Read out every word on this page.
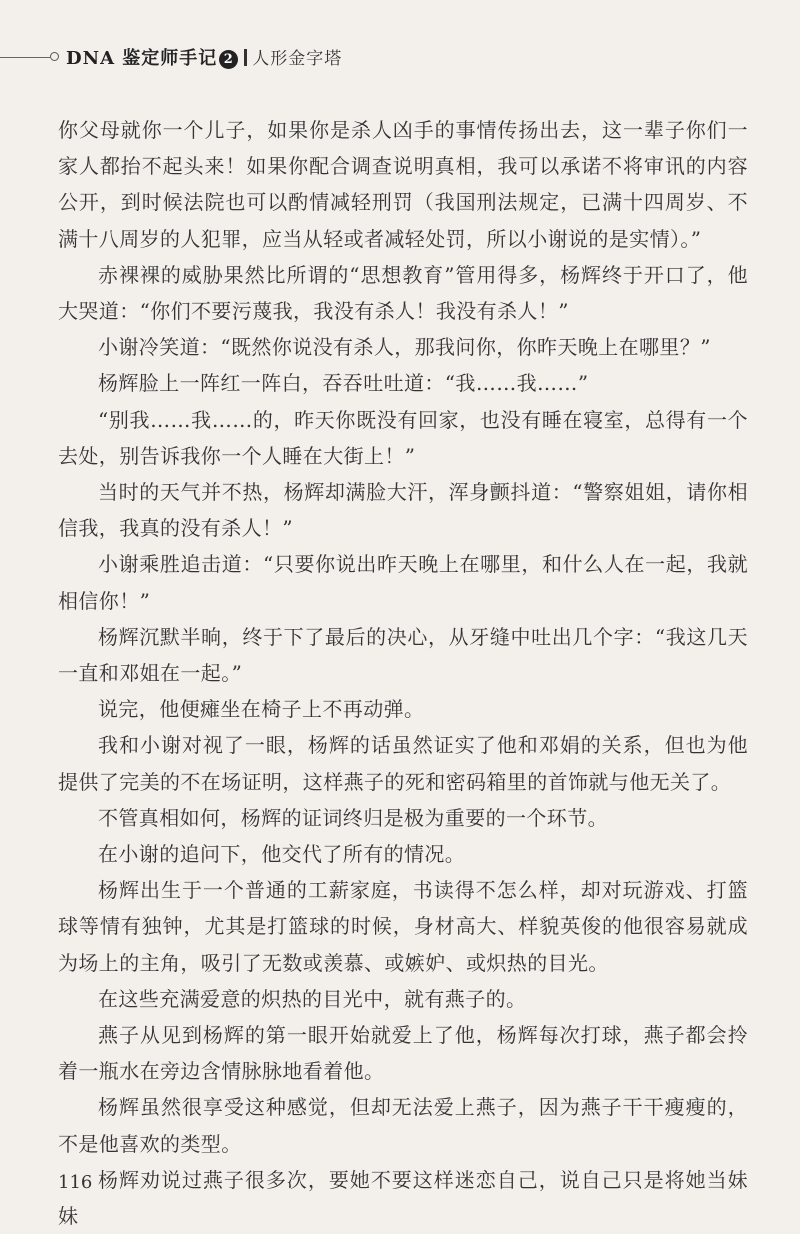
DNA 鉴定师手记 2 人形金字塔

你父母就你一个儿子，如果你是杀人凶手的事情传扬出去，这一辈子你们一家人都抬不起头来！如果你配合调查说明真相，我可以承诺不将审讯的内容公开，到时候法院也可以酌情减轻刑罚（我国刑法规定，已满十四周岁、不满十八周岁的人犯罪，应当从轻或者减轻处罚，所以小谢说的是实情）。”

赤裸裸的威胁果然比所谓的“思想教育”管用得多，杨辉终于开口了，他大哭道：“你们不要污蔑我，我没有杀人！我没有杀人！”

小谢冷笑道：“既然你说没有杀人，那我问你，你昨天晚上在哪里？”

杨辉脸上一阵红一阵白，吞吞吐吐道：“我……我……”

“别我……我……的，昨天你既没有回家，也没有睡在寝室，总得有一个去处，别告诉我你一个人睡在大街上！”

当时的天气并不热，杨辉却满脸大汗，浑身颤抖道：“警察姐姐，请你相信我，我真的没有杀人！”

小谢乘胜追击道：“只要你说出昨天晚上在哪里，和什么人在一起，我就相信你！”

杨辉沉默半晌，终于下了最后的决心，从牙缝中吐出几个字：“我这几天一直和邓姐在一起。”

说完，他便瘫坐在椅子上不再动弹。

我和小谢对视了一眼，杨辉的话虽然证实了他和邓娟的关系，但也为他提供了完美的不在场证明，这样燕子的死和密码箱里的首饰就与他无关了。

不管真相如何，杨辉的证词终归是极为重要的一个环节。

在小谢的追问下，他交代了所有的情况。

杨辉出生于一个普通的工薪家庭，书读得不怎么样，却对玩游戏、打篮球等情有独钟，尤其是打篮球的时候，身材高大、样貌英俊的他很容易就成为场上的主角，吸引了无数或羡慕、或嫉妒、或炽热的目光。

在这些充满爱意的炽热的目光中，就有燕子的。

燕子从见到杨辉的第一眼开始就爱上了他，杨辉每次打球，燕子都会拎着一瓶水在旁边含情脉脉地看着他。

杨辉虽然很享受这种感觉，但却无法爱上燕子，因为燕子干干瘦瘦的，不是他喜欢的类型。

杨辉劝说过燕子很多次，要她不要这样迷恋自己，说自己只是将她当妹妹

116
